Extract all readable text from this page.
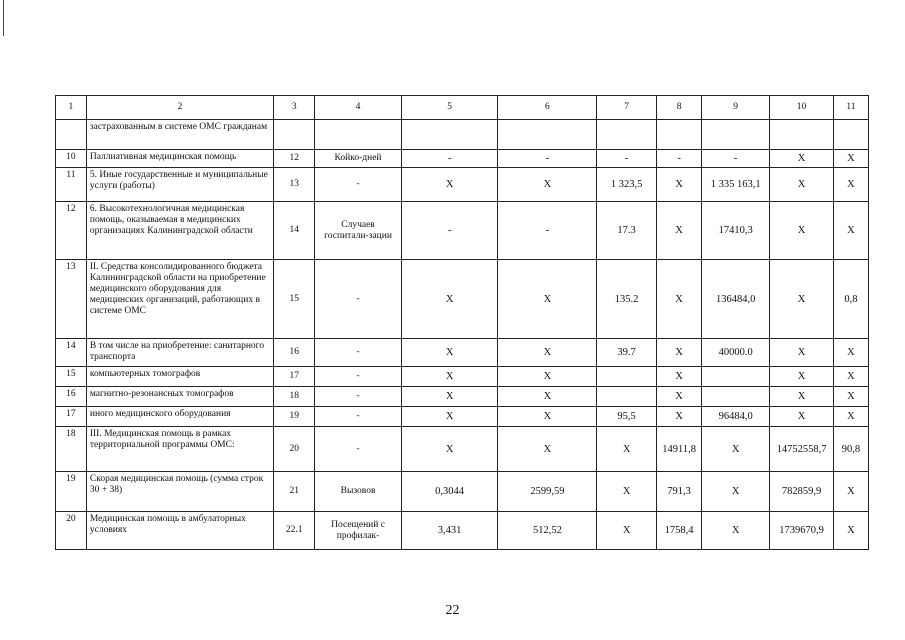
1	2	3	4	5	6	7	8	9	10	11
	застрахованным в системе ОМС гражданам									
10	Паллиативная медицинская помощь	12	Койко-дней	-	-	-	-	-	Х	Х
11	5. Иные государственные и муниципальные услуги (работы)	13	-	Х	Х	1 323,5	Х	1 335 163,1	Х	Х
12	6. Высокотехнологичная медицинская помощь, оказываемая в медицинских организациях Калининградской области	14	Случаев госпитали-зации	-	-	17.3	Х	17410,3	Х	Х
13	II. Средства консолидированного бюджета Калининградской области на приобретение медицинского оборудования для медицинских организаций, работающих в системе ОМС	15	-	Х	Х	135.2	Х	136484,0	Х	0,8
14	В том числе на приобретение: санитарного транспорта	16	-	Х	Х	39.7	Х	40000.0	Х	Х
15	компьютерных томографов	17	-	Х	Х		Х		Х	Х
16	магнитно-резонансных томографов	18	-	Х	Х		Х		Х	Х
17	иного медицинского оборудования	19	-	Х	Х	95,5	Х	96484,0	Х	Х
18	III. Медицинская помощь в рамках территориальной программы ОМС:	20	-	Х	Х	Х	14911,8	Х	14752558,7	90,8
19	Скорая медицинская помощь (сумма строк 30 + 38)	21	Вызовов	0,3044	2599,59	Х	791,3	Х	782859,9	Х
20	Медицинская помощь в амбулаторных условиях	22.1	Посещений с профилак-	3,431	512,52	Х	1758,4	Х	1739670,9	Х
22
